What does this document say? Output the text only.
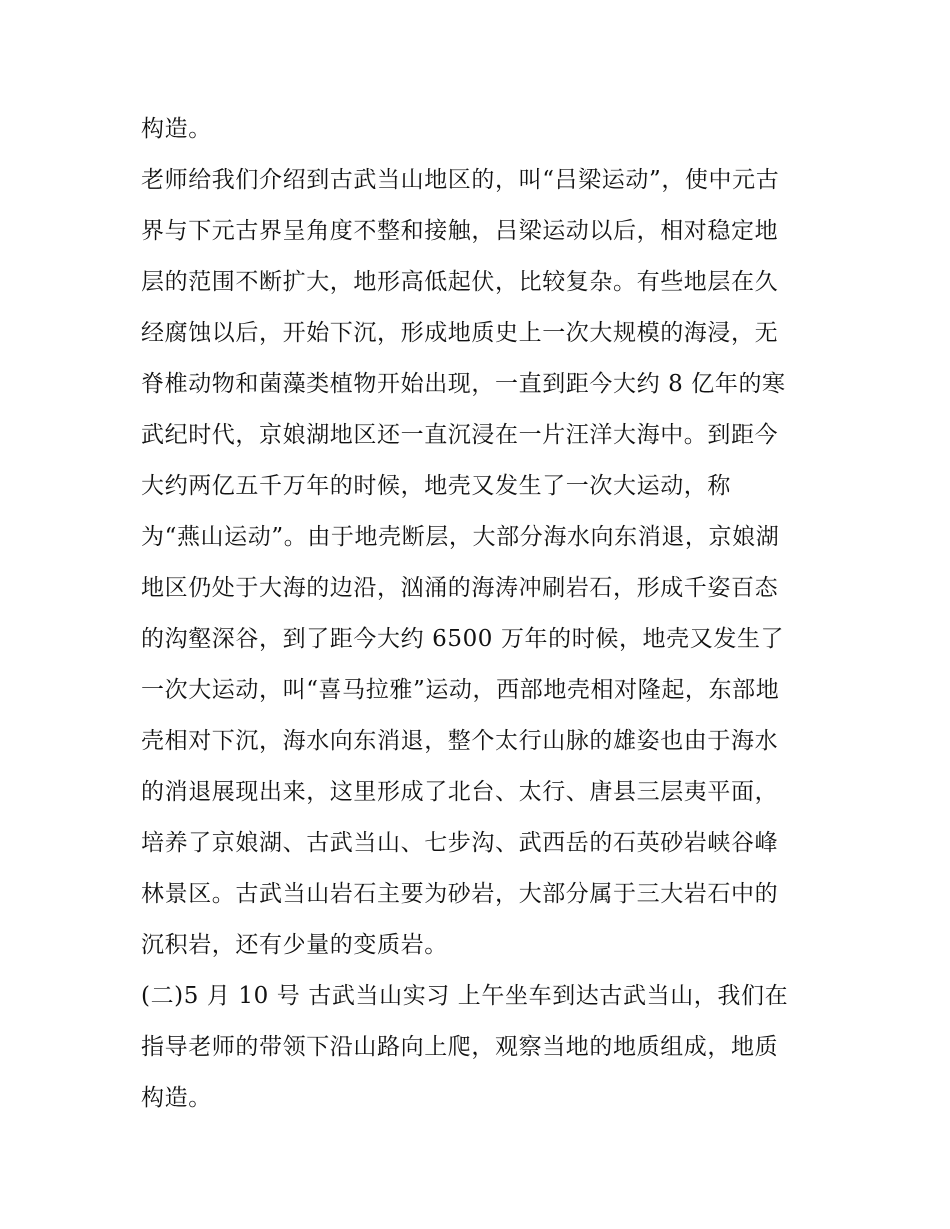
构造。
老师给我们介绍到古武当山地区的，叫“吕梁运动”，使中元古
界与下元古界呈角度不整和接触，吕梁运动以后，相对稳定地
层的范围不断扩大，地形高低起伏，比较复杂。有些地层在久
经腐蚀以后，开始下沉，形成地质史上一次大规模的海浸，无
脊椎动物和菌藻类植物开始出现，一直到距今大约 8 亿年的寒
武纪时代，京娘湖地区还一直沉浸在一片汪洋大海中。到距今
大约两亿五千万年的时候，地壳又发生了一次大运动，称
为“燕山运动”。由于地壳断层，大部分海水向东消退，京娘湖
地区仍处于大海的边沿，汹涌的海涛冲刷岩石，形成千姿百态
的沟壑深谷，到了距今大约 6500 万年的时候，地壳又发生了
一次大运动，叫“喜马拉雅”运动，西部地壳相对隆起，东部地
壳相对下沉，海水向东消退，整个太行山脉的雄姿也由于海水
的消退展现出来，这里形成了北台、太行、唐县三层夷平面，
培养了京娘湖、古武当山、七步沟、武西岳的石英砂岩峡谷峰
林景区。古武当山岩石主要为砂岩，大部分属于三大岩石中的
沉积岩，还有少量的变质岩。
(二)5 月 10 号 古武当山实习 上午坐车到达古武当山，我们在
指导老师的带领下沿山路向上爬，观察当地的地质组成，地质
构造。
